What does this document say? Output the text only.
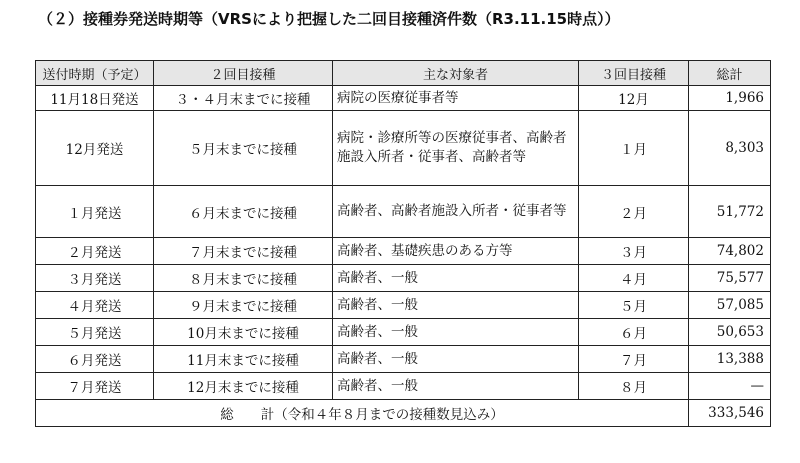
（２）接種券発送時期等（VRSにより把握した二回目接種済件数（R3.11.15時点））
送付時期（予定）	２回目接種	主な対象者	３回目接種	総計
11月18日発送	３・４月末までに接種	病院の医療従事者等	12月	1,966
12月発送	５月末までに接種	病院・診療所等の医療従事者、高齢者施設入所者・従事者、高齢者等	１月	8,303
１月発送	６月末までに接種	高齢者、高齢者施設入所者・従事者等	２月	51,772
２月発送	７月末までに接種	高齢者、基礎疾患のある方等	３月	74,802
３月発送	８月末までに接種	高齢者、一般	４月	75,577
４月発送	９月末までに接種	高齢者、一般	５月	57,085
５月発送	10月末までに接種	高齢者、一般	６月	50,653
６月発送	11月末までに接種	高齢者、一般	７月	13,388
７月発送	12月末までに接種	高齢者、一般	８月	—
総　　計（令和４年８月までの接種数見込み）				333,546
